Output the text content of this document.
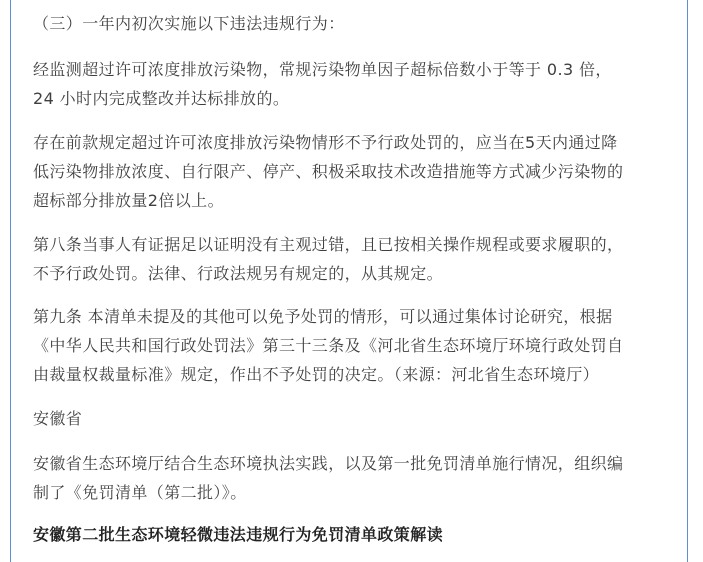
（三）一年内初次实施以下违法违规行为：
经监测超过许可浓度排放污染物，常规污染物单因子超标倍数小于等于 0.3 倍，
24 小时内完成整改并达标排放的。
存在前款规定超过许可浓度排放污染物情形不予行政处罚的，应当在5天内通过降
低污染物排放浓度、自行限产、停产、积极采取技术改造措施等方式减少污染物的
超标部分排放量2倍以上。
第八条当事人有证据足以证明没有主观过错，且已按相关操作规程或要求履职的，
不予行政处罚。法律、行政法规另有规定的，从其规定。
第九条 本清单未提及的其他可以免予处罚的情形，可以通过集体讨论研究，根据
《中华人民共和国行政处罚法》第三十三条及《河北省生态环境厅环境行政处罚自
由裁量权裁量标准》规定，作出不予处罚的决定。（来源：河北省生态环境厅）
安徽省
安徽省生态环境厅结合生态环境执法实践，以及第一批免罚清单施行情况，组织编
制了《免罚清单（第二批）》。
安徽第二批生态环境轻微违法违规行为免罚清单政策解读
